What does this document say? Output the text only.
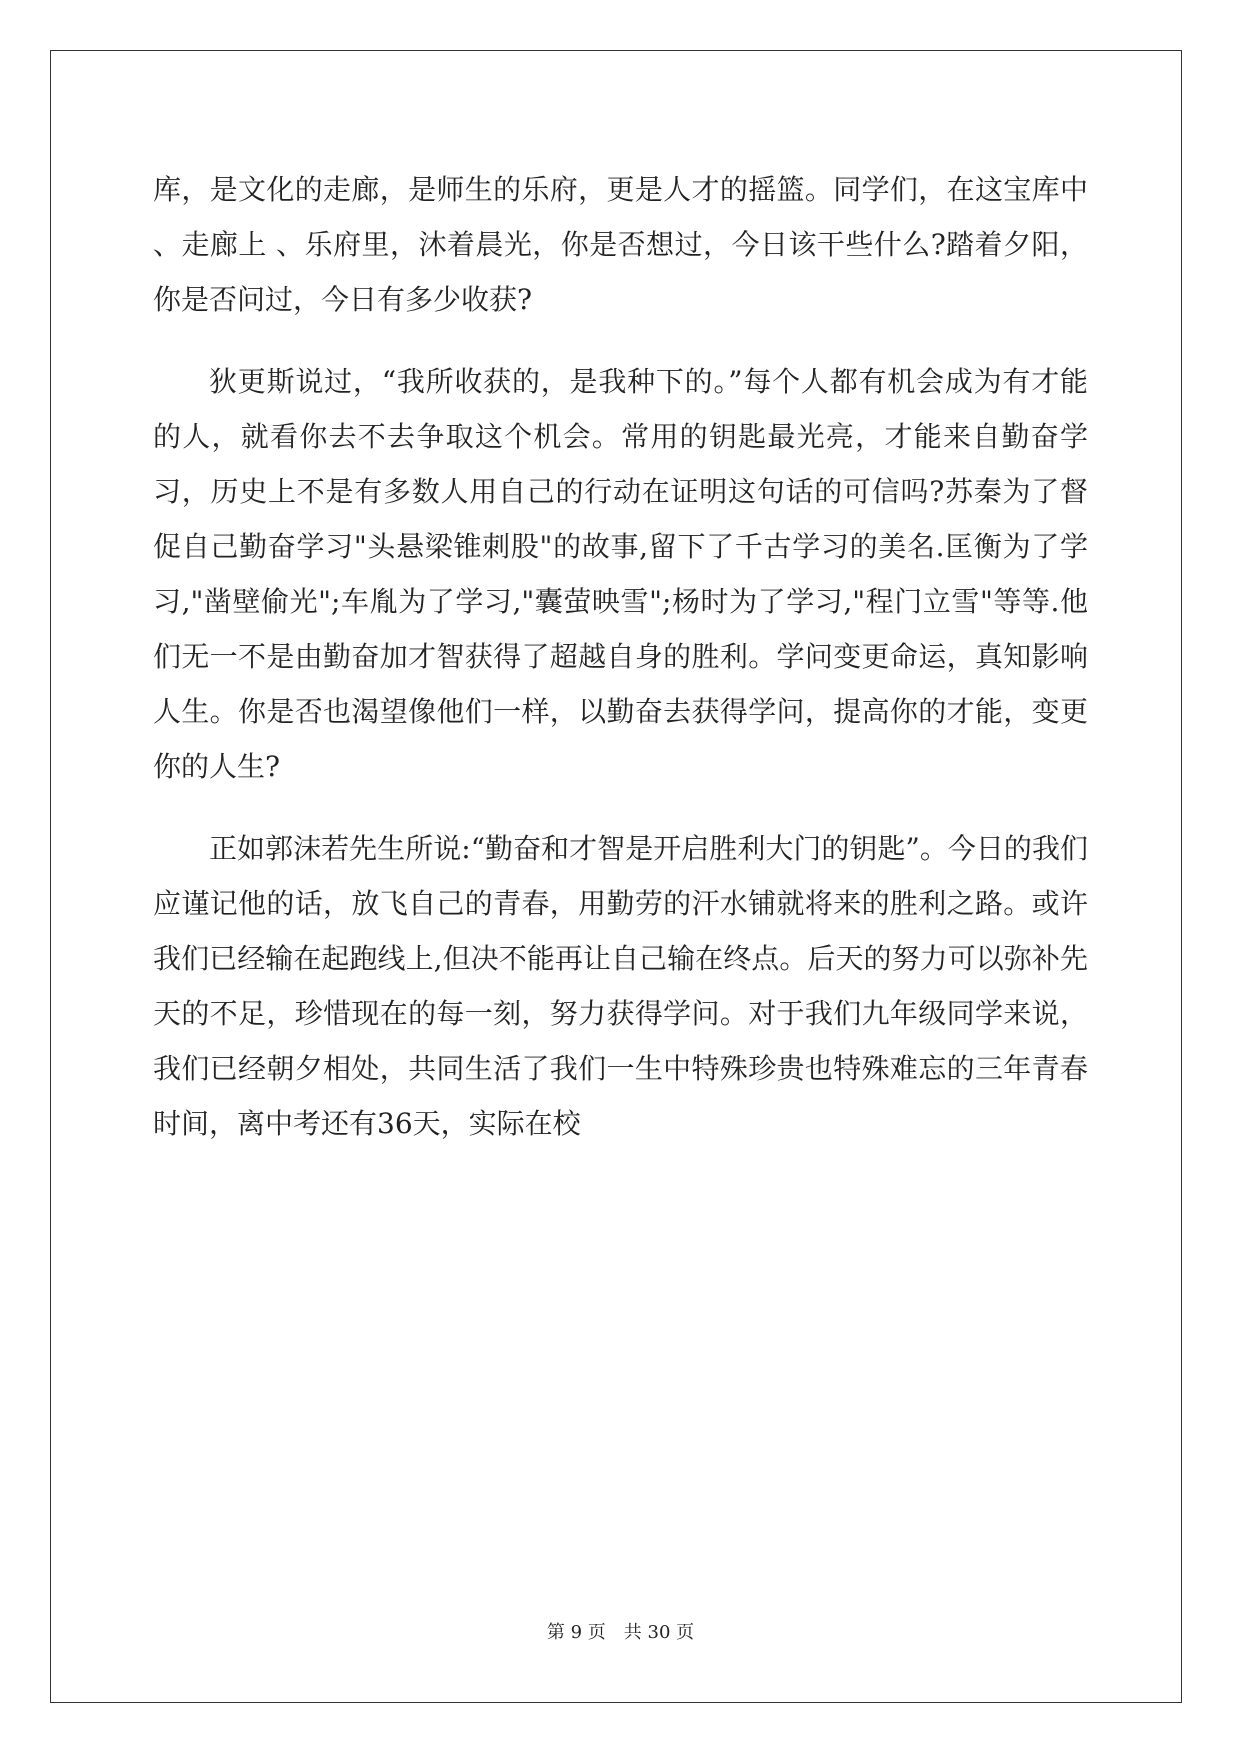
库，是文化的走廊，是师生的乐府，更是人才的摇篮。同学们，在这宝库中 、走廊上 、乐府里，沐着晨光，你是否想过，今日该干些什么?踏着夕阳，你是否问过，今日有多少收获?

狄更斯说过，“我所收获的，是我种下的。”每个人都有机会成为有才能的人，就看你去不去争取这个机会。常用的钥匙最光亮，才能来自勤奋学习，历史上不是有多数人用自己的行动在证明这句话的可信吗?苏秦为了督促自己勤奋学习"头悬梁锥刺股"的故事,留下了千古学习的美名.匡衡为了学习,"凿壁偷光";车胤为了学习,"囊萤映雪";杨时为了学习,"程门立雪"等等.他们无一不是由勤奋加才智获得了超越自身的胜利。学问变更命运，真知影响人生。你是否也渴望像他们一样，以勤奋去获得学问，提高你的才能，变更你的人生?

正如郭沫若先生所说:“勤奋和才智是开启胜利大门的钥匙”。今日的我们应谨记他的话，放飞自己的青春，用勤劳的汗水铺就将来的胜利之路。或许我们已经输在起跑线上,但决不能再让自己输在终点。后天的努力可以弥补先天的不足，珍惜现在的每一刻，努力获得学问。对于我们九年级同学来说，我们已经朝夕相处，共同生活了我们一生中特殊珍贵也特殊难忘的三年青春时间，离中考还有36天，实际在校

第 9 页　共 30 页
